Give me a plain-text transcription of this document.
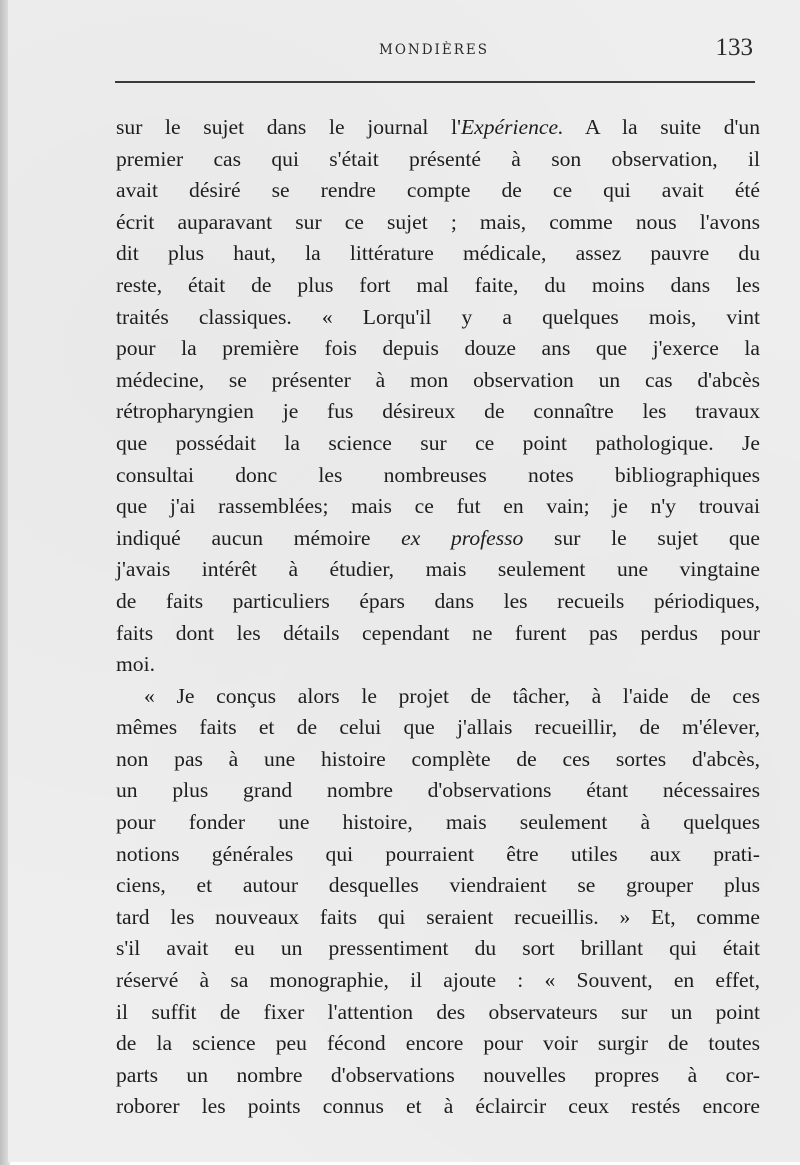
MONDIÈRES	133
sur le sujet dans le journal l'Expérience. A la suite d'un
premier cas qui s'était présenté à son observation, il
avait désiré se rendre compte de ce qui avait été
écrit auparavant sur ce sujet ; mais, comme nous l'avons
dit plus haut, la littérature médicale, assez pauvre du
reste, était de plus fort mal faite, du moins dans les
traités classiques. « Lorqu'il y a quelques mois, vint
pour la première fois depuis douze ans que j'exerce la
médecine, se présenter à mon observation un cas d'abcès
rétropharyngien je fus désireux de connaître les travaux
que possédait la science sur ce point pathologique. Je
consultai donc les nombreuses notes bibliographiques
que j'ai rassemblées; mais ce fut en vain; je n'y trouvai
indiqué aucun mémoire ex professo sur le sujet que
j'avais intérêt à étudier, mais seulement une vingtaine
de faits particuliers épars dans les recueils périodiques,
faits dont les détails cependant ne furent pas perdus pour
moi.
« Je conçus alors le projet de tâcher, à l'aide de ces
mêmes faits et de celui que j'allais recueillir, de m'élever,
non pas à une histoire complète de ces sortes d'abcès,
un plus grand nombre d'observations étant nécessaires
pour fonder une histoire, mais seulement à quelques
notions générales qui pourraient être utiles aux prati-
ciens, et autour desquelles viendraient se grouper plus
tard les nouveaux faits qui seraient recueillis. » Et, comme
s'il avait eu un pressentiment du sort brillant qui était
réservé à sa monographie, il ajoute : « Souvent, en effet,
il suffit de fixer l'attention des observateurs sur un point
de la science peu fécond encore pour voir surgir de toutes
parts un nombre d'observations nouvelles propres à cor-
roborer les points connus et à éclaircir ceux restés encore
